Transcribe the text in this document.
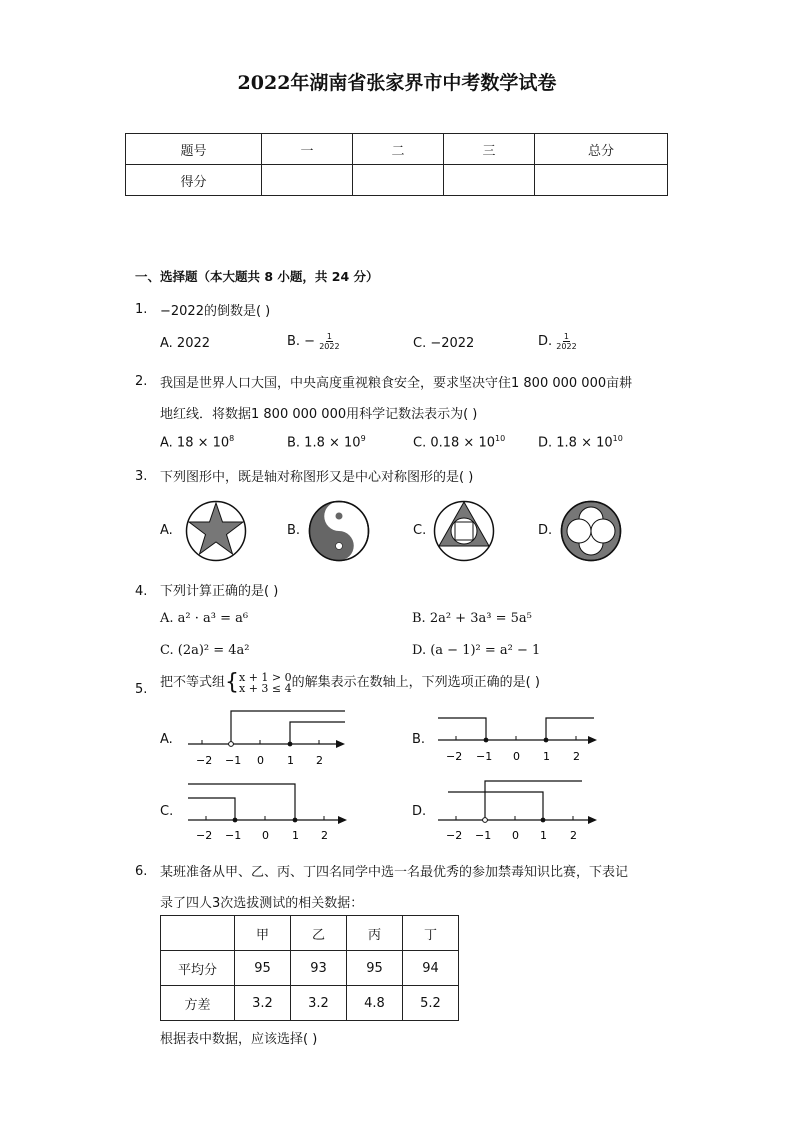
2022年湖南省张家界市中考数学试卷
题号	一	二	三	总分
得分				
一、选择题（本大题共 8 小题，共 24 分）
1. −2022的倒数是( )
A. 2022	B. − $\frac{1}{2022}$	C. −2022	D. $\frac{1}{2022}$
2. 我国是世界人口大国，中央高度重视粮食安全，要求坚决守住1 800 000 000亩耕
地红线．将数据1 800 000 000用科学记数法表示为( )
A. $18 \times 10^8$	B. $1.8 \times 10^9$	C. $0.18 \times 10^{10}$	D. $1.8 \times 10^{10}$
3. 下列图形中，既是轴对称图形又是中心对称图形的是( )
A.	B.	C.	D.
4. 下列计算正确的是( )
A. a² · a³ = a⁶	B. 2a² + 3a³ = 5a⁵
C. (2a)² = 4a²	D. (a − 1)² = a² − 1
5. 把不等式组{ x + 1 > 0
x + 3 ≤ 4 的解集表示在数轴上，下列选项正确的是( )
A.	B.
C.	D.
−2 −1 0 1 2	−2 −1 0 1 2
−2 −1 0 1 2	−2 −1 0 1 2
6. 某班准备从甲、乙、丙、丁四名同学中选一名最优秀的参加禁毒知识比赛，下表记
录了四人3次选拔测试的相关数据：
	甲	乙	丙	丁
平均分	95	93	95	94
方差	3.2	3.2	4.8	5.2
根据表中数据，应该选择( )
